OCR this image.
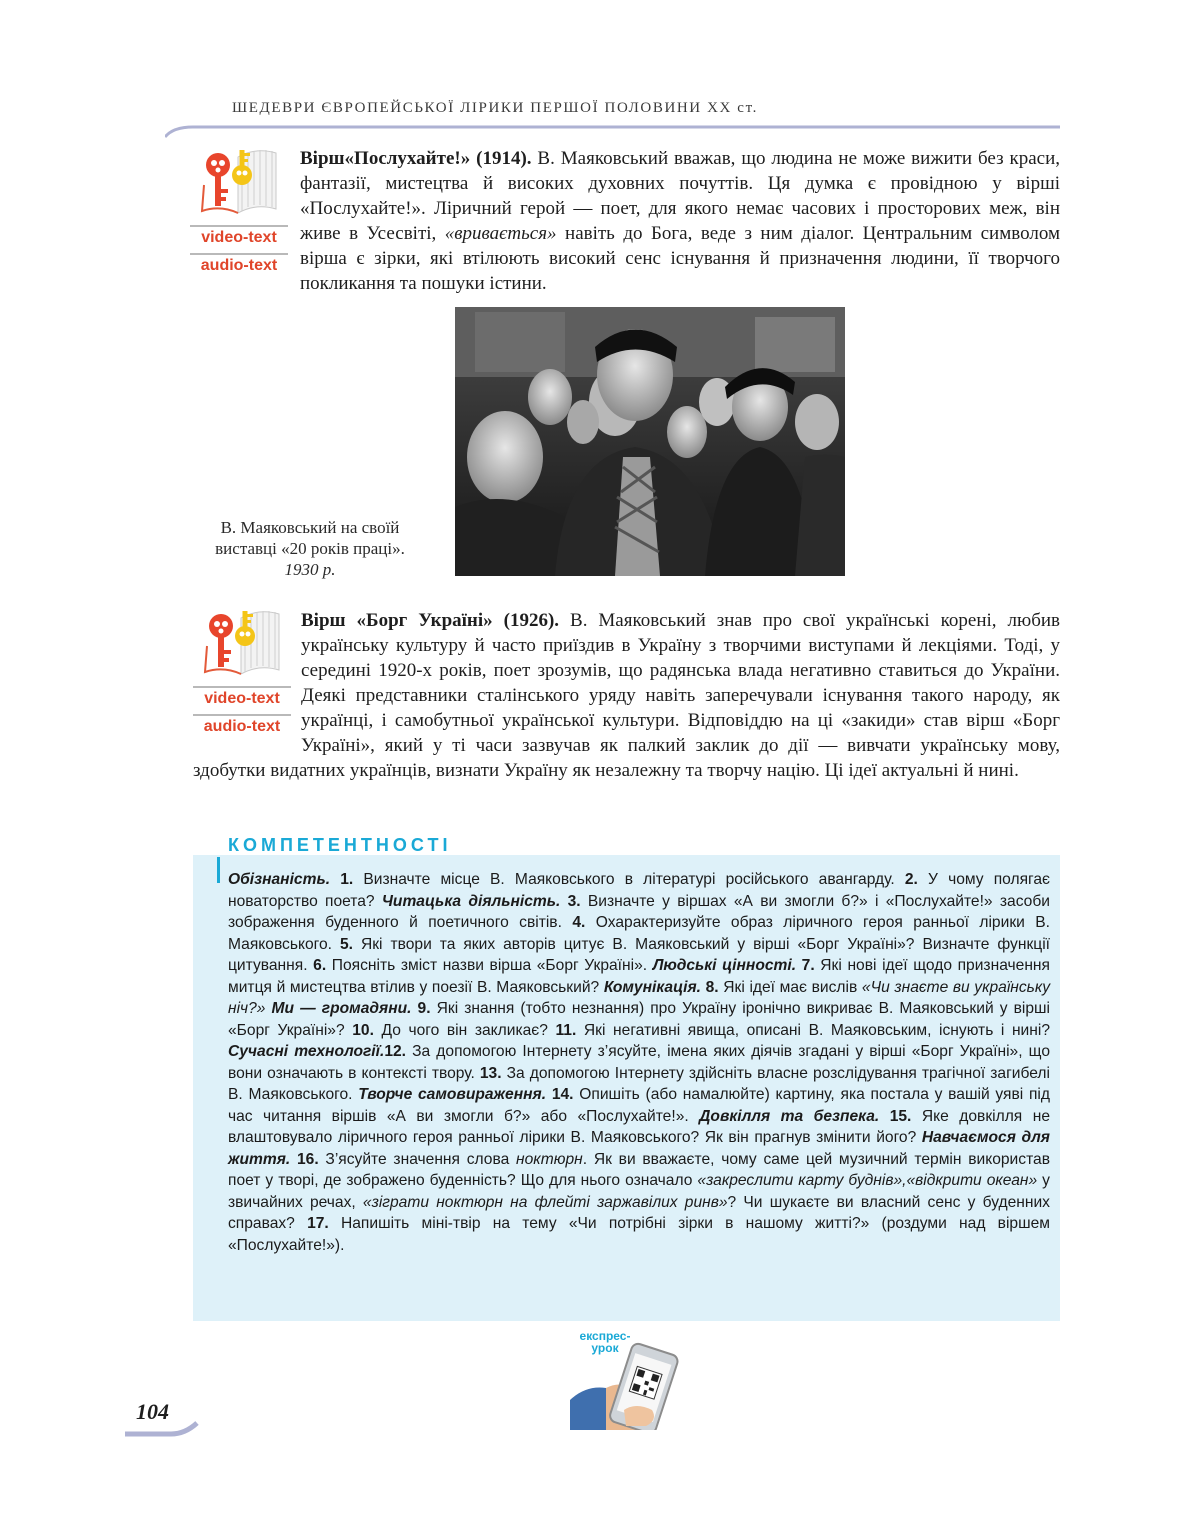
ШЕДЕВРИ ЄВРОПЕЙСЬКОЇ ЛІРИКИ ПЕРШОЇ ПОЛОВИНИ XX ст.
video-text
audio-text

Вірш«Послухайте!» (1914). В. Маяковський вважав, що людина не може вижити без краси, фантазії, мистецтва й високих духовних почуттів. Ця думка є провідною у вірші «Послухайте!». Ліричний герой — поет, для якого немає часових і просторових меж, він живе в Усесвіті, «вривається» навіть до Бога, веде з ним діалог. Центральним символом вірша є зірки, які втілюють високий сенс існування й призначення людини, її творчого покликання та пошуки істини.

В. Маяковський на своїй
виставці «20 років праці».
1930 р.
video-text
audio-text

Вірш «Борг Україні» (1926). В. Маяковський знав про свої українські корені, любив українську культуру й часто приїздив в Україну з творчими виступами й лекціями. Тоді, у середині 1920-х років, поет зрозумів, що радянська влада негативно ставиться до України. Деякі представники сталінського уряду навіть заперечували існування такого народу, як українці, і самобутньої української культури. Відповіддю на ці «закиди» став вірш «Борг Україні», який у ті часи зазвучав як палкий заклик до дії — вивчати українську мову, здобутки видатних українців, визнати Україну як незалежну та творчу націю. Ці ідеї актуальні й нині.

КОМПЕТЕНТНОСТІ

Обізнаність. 1. Визначте місце В. Маяковського в літературі російського авангарду. 2. У чому полягає новаторство поета? Читацька діяльність. 3. Визначте у віршах «А ви змогли б?» і «Послухайте!» засоби зображення буденного й поетичного світів. 4. Охарактеризуйте образ ліричного героя ранньої лірики В. Маяковського. 5. Які твори та яких авторів цитує В. Маяковський у вірші «Борг Україні»? Визначте функції цитування. 6. Поясніть зміст назви вірша «Борг Україні». Людські цінності. 7. Які нові ідеї щодо призначення митця й мистецтва втілив у поезії В. Маяковський? Комунікація. 8. Які ідеї має вислів «Чи знаєте ви українську ніч?» Ми — громадяни. 9. Які знання (тобто незнання) про Україну іронічно викриває В. Маяковський у вірші «Борг Україні»? 10. До чого він закликає? 11. Які негативні явища, описані В. Маяковським, існують і нині? Сучасні технології.12. За допомогою Інтернету з’ясуйте, імена яких діячів згадані у вірші «Борг Україні», що вони означають в контексті твору. 13. За допомогою Інтернету здійсніть власне розслідування трагічної загибелі В. Маяковського. Творче самовираження. 14. Опишіть (або намалюйте) картину, яка постала у вашій уяві під час читання віршів «А ви змогли б?» або «Послухайте!». Довкілля та безпека. 15. Яке довкілля не влаштовувало ліричного героя ранньої лірики В. Маяковського? Як він прагнув змінити його? Навчаємося для життя. 16. З’ясуйте значення слова ноктюрн. Як ви вважаєте, чому саме цей музичний термін використав поет у творі, де зображено буденність? Що для нього означало «закреслити карту буднів»,«відкрити океан» у звичайних речах, «зіграти ноктюрн на флейті заржавілих ринв»? Чи шукаєте ви власний сенс у буденних справах? 17. Напишіть міні-твір на тему «Чи потрібні зірки в нашому житті?» (роздуми над віршем «Послухайте!»).

експрес-
урок
104
